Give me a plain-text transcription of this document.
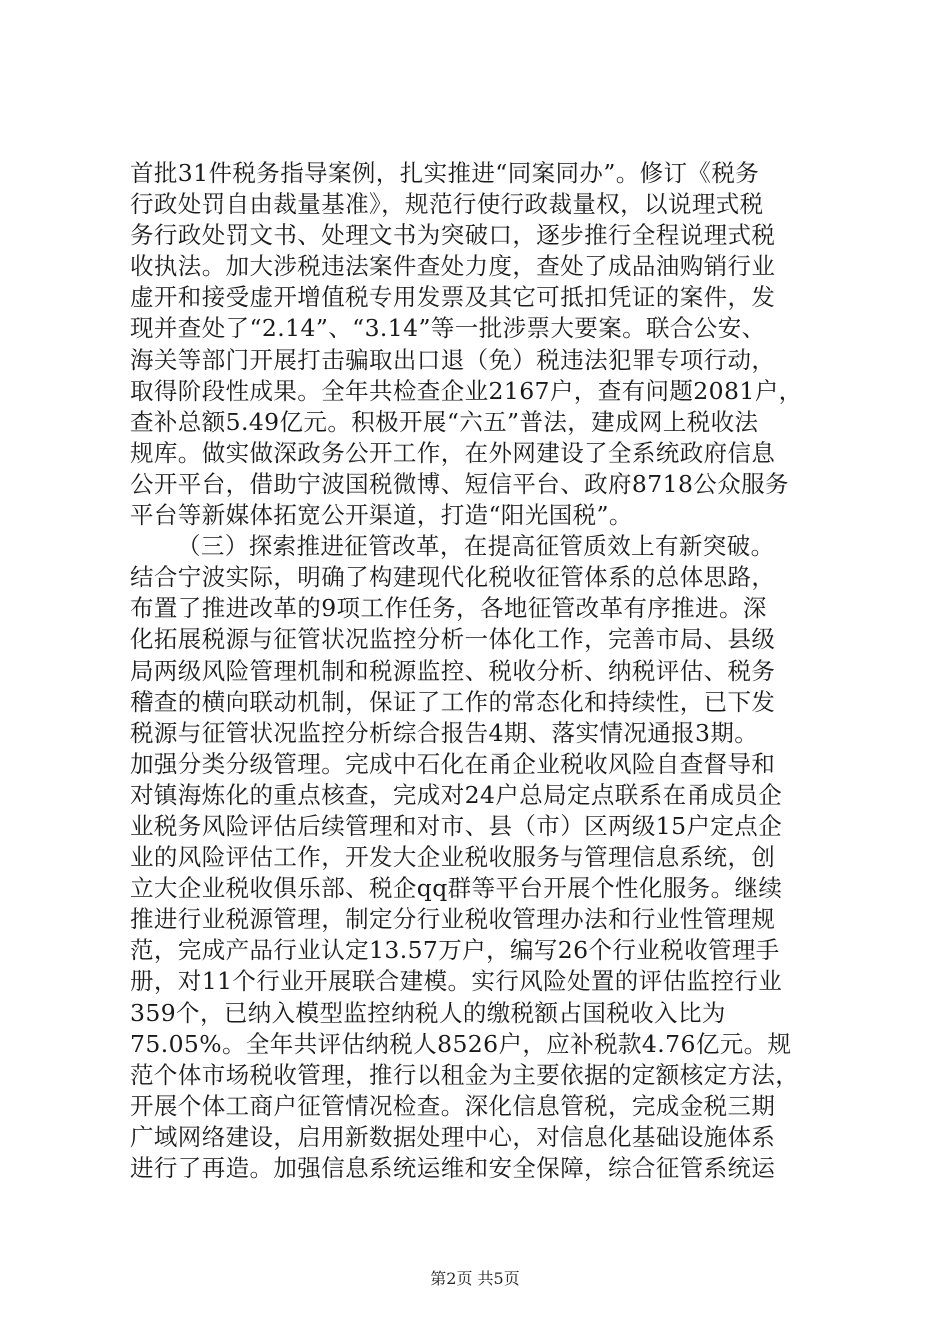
首批31件税务指导案例，扎实推进“同案同办”。修订《税务
行政处罚自由裁量基准》，规范行使行政裁量权，以说理式税
务行政处罚文书、处理文书为突破口，逐步推行全程说理式税
收执法。加大涉税违法案件查处力度，查处了成品油购销行业
虚开和接受虚开增值税专用发票及其它可抵扣凭证的案件，发
现并查处了“2.14”、“3.14”等一批涉票大要案。联合公安、
海关等部门开展打击骗取出口退（免）税违法犯罪专项行动，
取得阶段性成果。全年共检查企业2167户，查有问题2081户，
查补总额5.49亿元。积极开展“六五”普法，建成网上税收法
规库。做实做深政务公开工作，在外网建设了全系统政府信息
公开平台，借助宁波国税微博、短信平台、政府8718公众服务
平台等新媒体拓宽公开渠道，打造“阳光国税”。
（三）探索推进征管改革，在提高征管质效上有新突破。
结合宁波实际，明确了构建现代化税收征管体系的总体思路，
布置了推进改革的9项工作任务，各地征管改革有序推进。深
化拓展税源与征管状况监控分析一体化工作，完善市局、县级
局两级风险管理机制和税源监控、税收分析、纳税评估、税务
稽查的横向联动机制，保证了工作的常态化和持续性，已下发
税源与征管状况监控分析综合报告4期、落实情况通报3期。
加强分类分级管理。完成中石化在甬企业税收风险自查督导和
对镇海炼化的重点核查，完成对24户总局定点联系在甬成员企
业税务风险评估后续管理和对市、县（市）区两级15户定点企
业的风险评估工作，开发大企业税收服务与管理信息系统，创
立大企业税收俱乐部、税企qq群等平台开展个性化服务。继续
推进行业税源管理，制定分行业税收管理办法和行业性管理规
范，完成产品行业认定13.57万户，编写26个行业税收管理手
册，对11个行业开展联合建模。实行风险处置的评估监控行业
359个，已纳入模型监控纳税人的缴税额占国税收入比为
75.05%。全年共评估纳税人8526户，应补税款4.76亿元。规
范个体市场税收管理，推行以租金为主要依据的定额核定方法，
开展个体工商户征管情况检查。深化信息管税，完成金税三期
广域网络建设，启用新数据处理中心，对信息化基础设施体系
进行了再造。加强信息系统运维和安全保障，综合征管系统运
第2页 共5页
